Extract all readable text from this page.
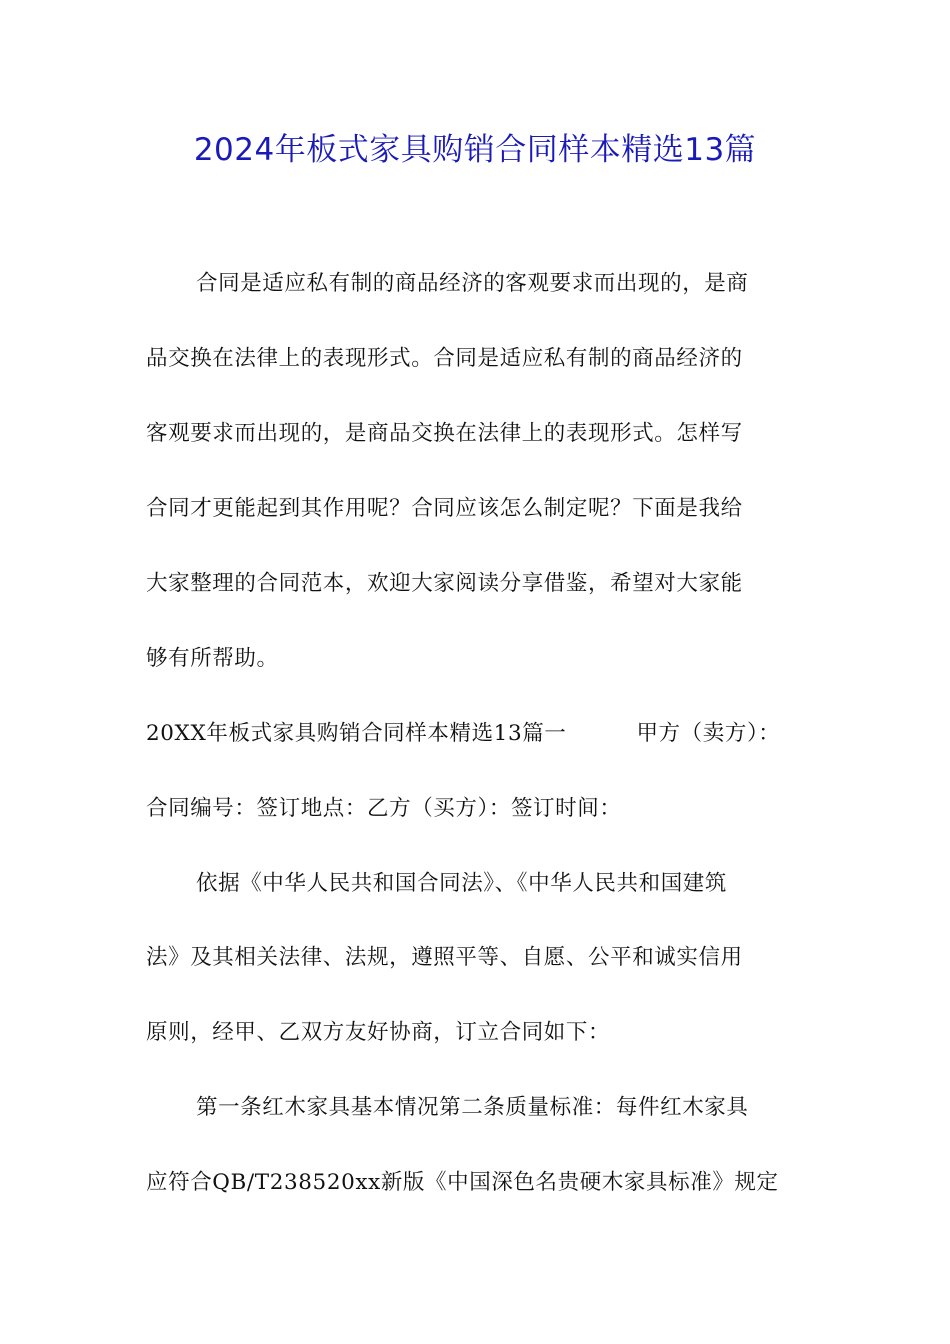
2024年板式家具购销合同样本精选13篇
合同是适应私有制的商品经济的客观要求而出现的，是商
品交换在法律上的表现形式。合同是适应私有制的商品经济的
客观要求而出现的，是商品交换在法律上的表现形式。怎样写
合同才更能起到其作用呢？合同应该怎么制定呢？下面是我给
大家整理的合同范本，欢迎大家阅读分享借鉴，希望对大家能
够有所帮助。
20XX年板式家具购销合同样本精选13篇一	甲方（卖方）：
合同编号：签订地点：乙方（买方）：签订时间：
依据《中华人民共和国合同法》、《中华人民共和国建筑
法》及其相关法律、法规，遵照平等、自愿、公平和诚实信用
原则，经甲、乙双方友好协商，订立合同如下：
第一条红木家具基本情况第二条质量标准：每件红木家具
应符合QB/T238520xx新版《中国深色名贵硬木家具标准》规定
